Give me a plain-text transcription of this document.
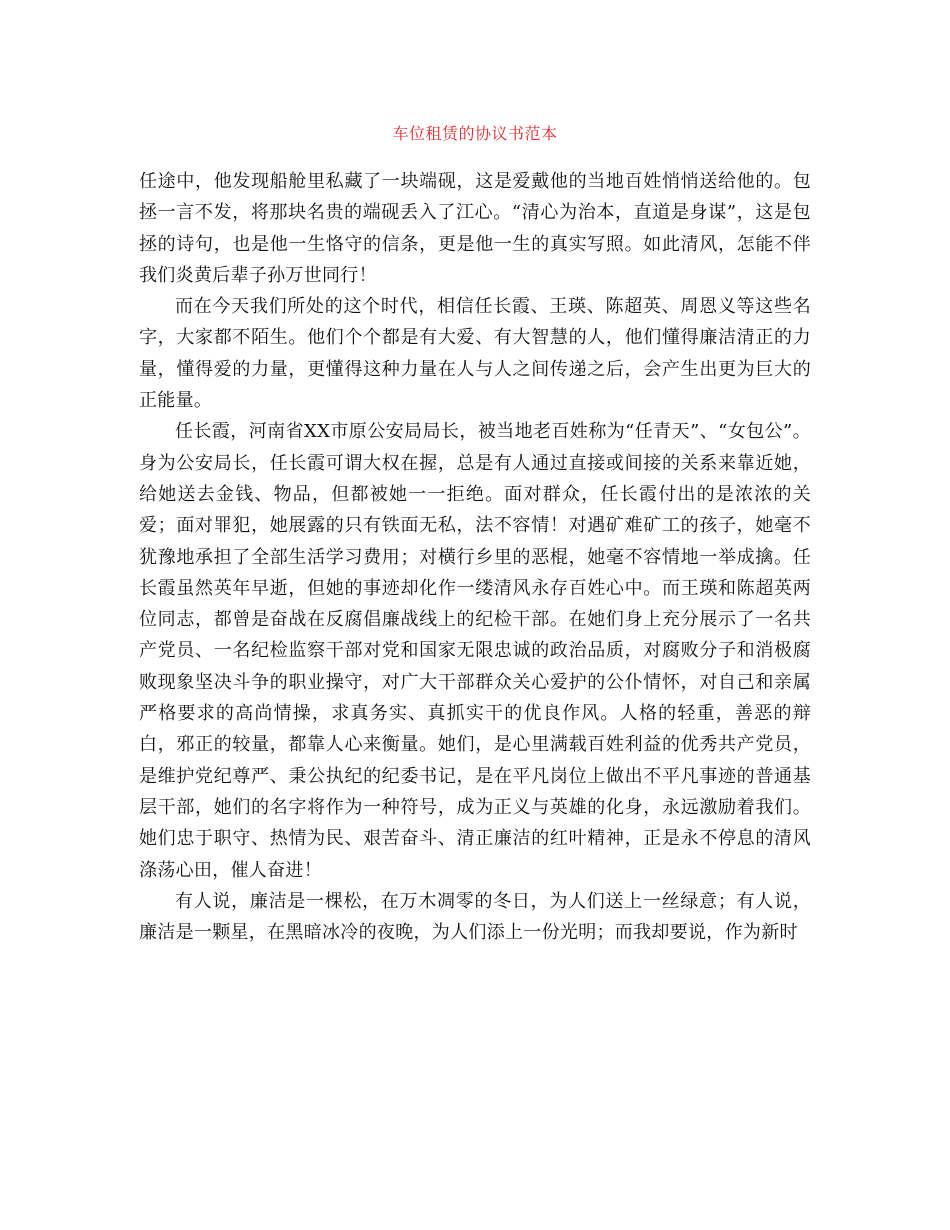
车位租赁的协议书范本

任途中，他发现船舱里私藏了一块端砚，这是爱戴他的当地百姓悄悄送给他的。包拯一言不发，将那块名贵的端砚丢入了江心。“清心为治本，直道是身谋”，这是包拯的诗句，也是他一生恪守的信条，更是他一生的真实写照。如此清风，怎能不伴我们炎黄后辈子孙万世同行！

而在今天我们所处的这个时代，相信任长霞、王瑛、陈超英、周恩义等这些名字，大家都不陌生。他们个个都是有大爱、有大智慧的人，他们懂得廉洁清正的力量，懂得爱的力量，更懂得这种力量在人与人之间传递之后，会产生出更为巨大的正能量。

任长霞，河南省XX市原公安局局长，被当地老百姓称为“任青天”、“女包公”。身为公安局长，任长霞可谓大权在握，总是有人通过直接或间接的关系来靠近她，给她送去金钱、物品，但都被她一一拒绝。面对群众，任长霞付出的是浓浓的关爱；面对罪犯，她展露的只有铁面无私，法不容情！对遇矿难矿工的孩子，她毫不犹豫地承担了全部生活学习费用；对横行乡里的恶棍，她毫不容情地一举成擒。任长霞虽然英年早逝，但她的事迹却化作一缕清风永存百姓心中。而王瑛和陈超英两位同志，都曾是奋战在反腐倡廉战线上的纪检干部。在她们身上充分展示了一名共产党员、一名纪检监察干部对党和国家无限忠诚的政治品质，对腐败分子和消极腐败现象坚决斗争的职业操守，对广大干部群众关心爱护的公仆情怀，对自己和亲属严格要求的高尚情操，求真务实、真抓实干的优良作风。人格的轻重，善恶的辩白，邪正的较量，都靠人心来衡量。她们，是心里满载百姓利益的优秀共产党员，是维护党纪尊严、秉公执纪的纪委书记，是在平凡岗位上做出不平凡事迹的普通基层干部，她们的名字将作为一种符号，成为正义与英雄的化身，永远激励着我们。她们忠于职守、热情为民、艰苦奋斗、清正廉洁的红叶精神，正是永不停息的清风涤荡心田，催人奋进！

有人说，廉洁是一棵松，在万木凋零的冬日，为人们送上一丝绿意；有人说，廉洁是一颗星，在黑暗冰冷的夜晚，为人们添上一份光明；而我却要说，作为新时
